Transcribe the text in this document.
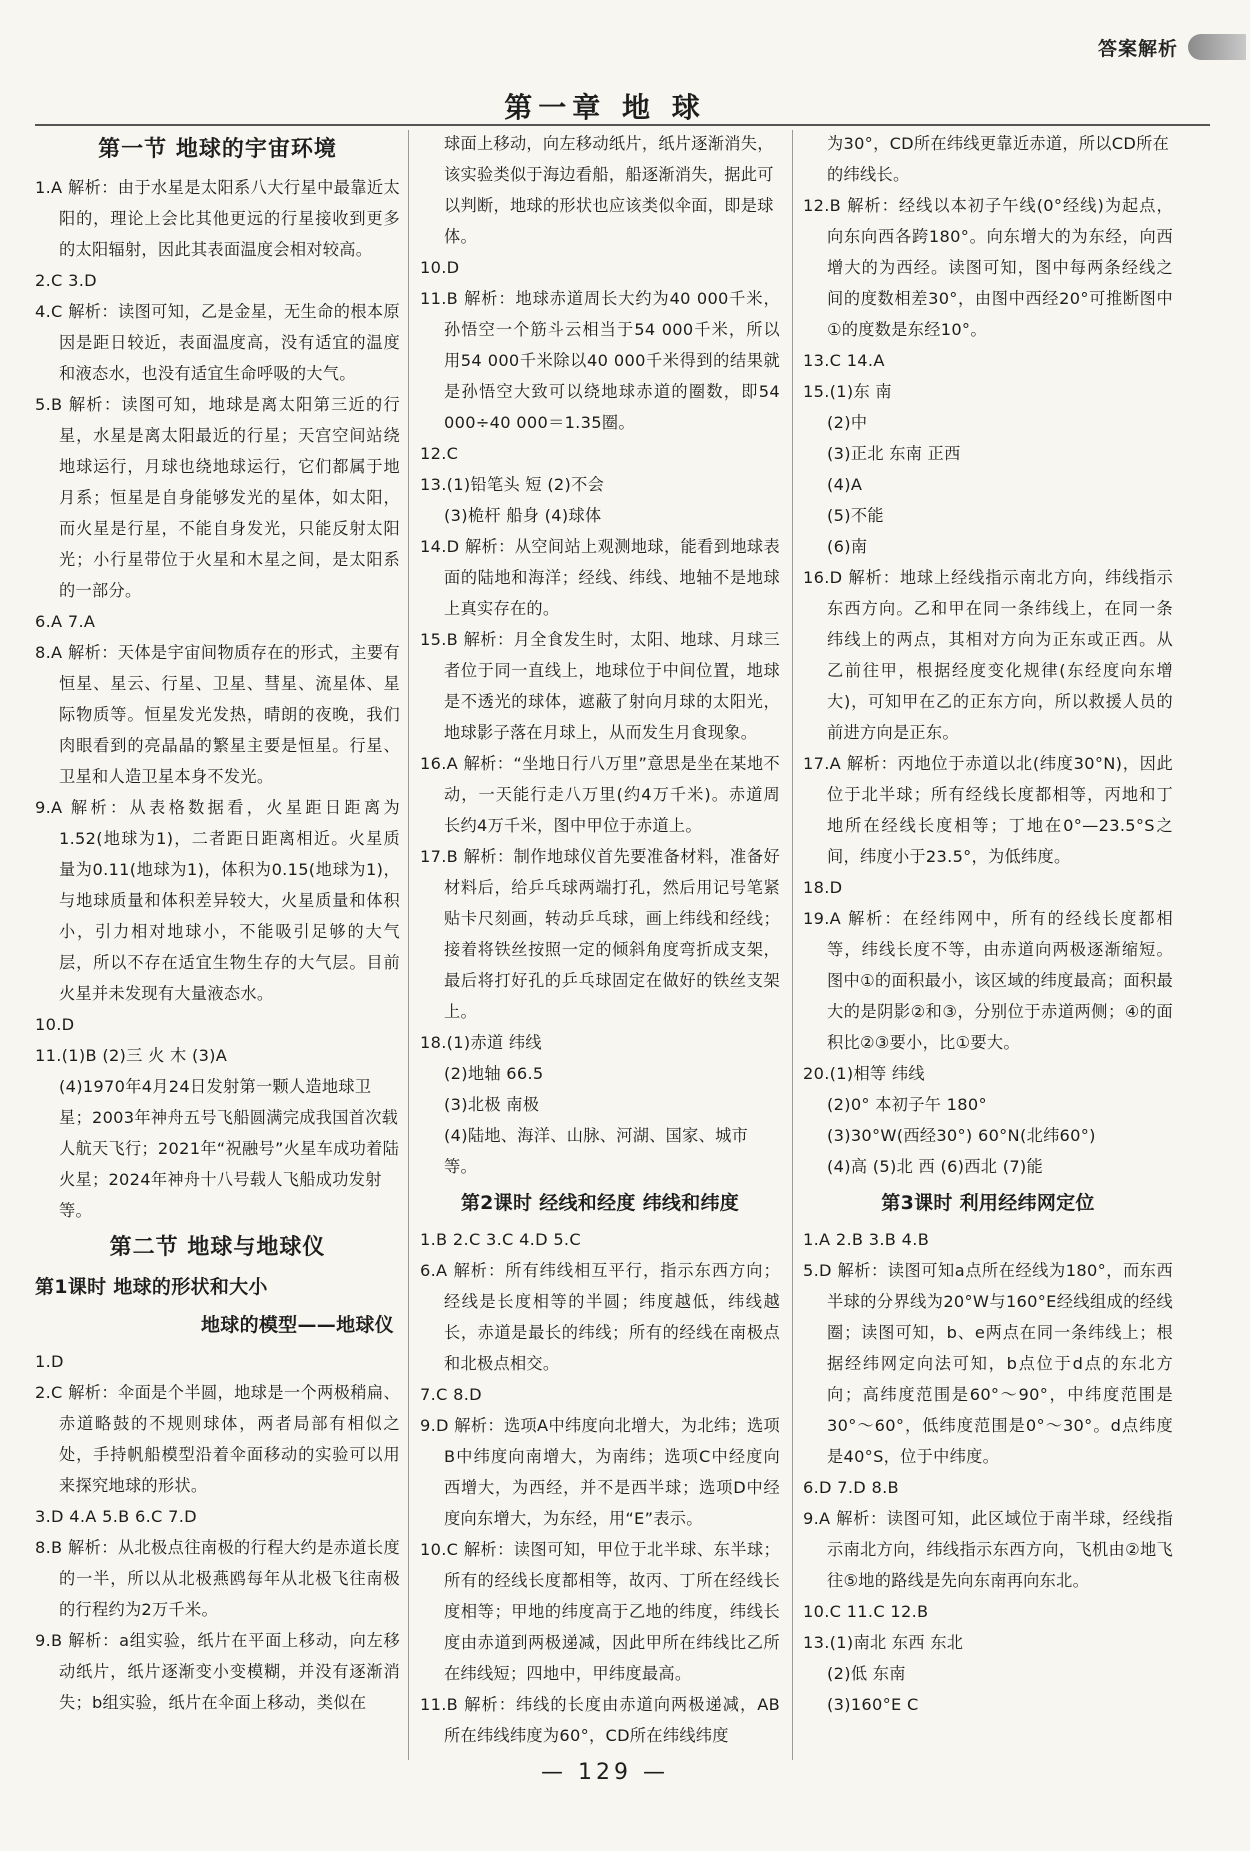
答案解析
第一章 地 球

第一节 地球的宇宙环境

1.A 解析：由于水星是太阳系八大行星中最靠近太阳的，理论上会比其他更远的行星接收到更多的太阳辐射，因此其表面温度会相对较高。

2.C 3.D

4.C 解析：读图可知，乙是金星，无生命的根本原因是距日较近，表面温度高，没有适宜的温度和液态水，也没有适宜生命呼吸的大气。

5.B 解析：读图可知，地球是离太阳第三近的行星，水星是离太阳最近的行星；天宫空间站绕地球运行，月球也绕地球运行，它们都属于地月系；恒星是自身能够发光的星体，如太阳，而火星是行星，不能自身发光，只能反射太阳光；小行星带位于火星和木星之间，是太阳系的一部分。

6.A 7.A

8.A 解析：天体是宇宙间物质存在的形式，主要有恒星、星云、行星、卫星、彗星、流星体、星际物质等。恒星发光发热，晴朗的夜晚，我们肉眼看到的亮晶晶的繁星主要是恒星。行星、卫星和人造卫星本身不发光。

9.A 解析：从表格数据看，火星距日距离为1.52(地球为1)，二者距日距离相近。火星质量为0.11(地球为1)，体积为0.15(地球为1)，与地球质量和体积差异较大，火星质量和体积小，引力相对地球小，不能吸引足够的大气层，所以不存在适宜生物生存的大气层。目前火星并未发现有大量液态水。

10.D

11.(1)B (2)三 火 木 (3)A

(4)1970年4月24日发射第一颗人造地球卫星；2003年神舟五号飞船圆满完成我国首次载人航天飞行；2021年“祝融号”火星车成功着陆火星；2024年神舟十八号载人飞船成功发射等。

第二节 地球与地球仪

第1课时 地球的形状和大小

地球的模型——地球仪

1.D

2.C 解析：伞面是个半圆，地球是一个两极稍扁、赤道略鼓的不规则球体，两者局部有相似之处，手持帆船模型沿着伞面移动的实验可以用来探究地球的形状。

3.D 4.A 5.B 6.C 7.D

8.B 解析：从北极点往南极的行程大约是赤道长度的一半，所以从北极燕鸥每年从北极飞往南极的行程约为2万千米。

9.B 解析：a组实验，纸片在平面上移动，向左移动纸片，纸片逐渐变小变模糊，并没有逐渐消失；b组实验，纸片在伞面上移动，类似在

球面上移动，向左移动纸片，纸片逐渐消失，该实验类似于海边看船，船逐渐消失，据此可以判断，地球的形状也应该类似伞面，即是球体。

10.D

11.B 解析：地球赤道周长大约为40 000千米，孙悟空一个筋斗云相当于54 000千米，所以用54 000千米除以40 000千米得到的结果就是孙悟空大致可以绕地球赤道的圈数，即54 000÷40 000＝1.35圈。

12.C

13.(1)铅笔头 短 (2)不会

(3)桅杆 船身 (4)球体

14.D 解析：从空间站上观测地球，能看到地球表面的陆地和海洋；经线、纬线、地轴不是地球上真实存在的。

15.B 解析：月全食发生时，太阳、地球、月球三者位于同一直线上，地球位于中间位置，地球是不透光的球体，遮蔽了射向月球的太阳光，地球影子落在月球上，从而发生月食现象。

16.A 解析：“坐地日行八万里”意思是坐在某地不动，一天能行走八万里(约4万千米)。赤道周长约4万千米，图中甲位于赤道上。

17.B 解析：制作地球仪首先要准备材料，准备好材料后，给乒乓球两端打孔，然后用记号笔紧贴卡尺刻画，转动乒乓球，画上纬线和经线；接着将铁丝按照一定的倾斜角度弯折成支架，最后将打好孔的乒乓球固定在做好的铁丝支架上。

18.(1)赤道 纬线

(2)地轴 66.5

(3)北极 南极

(4)陆地、海洋、山脉、河湖、国家、城市等。

第2课时 经线和经度 纬线和纬度

1.B 2.C 3.C 4.D 5.C

6.A 解析：所有纬线相互平行，指示东西方向；经线是长度相等的半圆；纬度越低，纬线越长，赤道是最长的纬线；所有的经线在南极点和北极点相交。

7.C 8.D

9.D 解析：选项A中纬度向北增大，为北纬；选项B中纬度向南增大，为南纬；选项C中经度向西增大，为西经，并不是西半球；选项D中经度向东增大，为东经，用“E”表示。

10.C 解析：读图可知，甲位于北半球、东半球；所有的经线长度都相等，故丙、丁所在经线长度相等；甲地的纬度高于乙地的纬度，纬线长度由赤道到两极递减，因此甲所在纬线比乙所在纬线短；四地中，甲纬度最高。

11.B 解析：纬线的长度由赤道向两极递减，AB所在纬线纬度为60°，CD所在纬线纬度

为30°，CD所在纬线更靠近赤道，所以CD所在的纬线长。

12.B 解析：经线以本初子午线(0°经线)为起点，向东向西各跨180°。向东增大的为东经，向西增大的为西经。读图可知，图中每两条经线之间的度数相差30°，由图中西经20°可推断图中①的度数是东经10°。

13.C 14.A

15.(1)东 南

(2)中

(3)正北 东南 正西

(4)A

(5)不能

(6)南

16.D 解析：地球上经线指示南北方向，纬线指示东西方向。乙和甲在同一条纬线上，在同一条纬线上的两点，其相对方向为正东或正西。从乙前往甲，根据经度变化规律(东经度向东增大)，可知甲在乙的正东方向，所以救援人员的前进方向是正东。

17.A 解析：丙地位于赤道以北(纬度30°N)，因此位于北半球；所有经线长度都相等，丙地和丁地所在经线长度相等；丁地在0°—23.5°S之间，纬度小于23.5°，为低纬度。

18.D

19.A 解析：在经纬网中，所有的经线长度都相等，纬线长度不等，由赤道向两极逐渐缩短。图中①的面积最小，该区域的纬度最高；面积最大的是阴影②和③，分别位于赤道两侧；④的面积比②③要小，比①要大。

20.(1)相等 纬线

(2)0° 本初子午 180°

(3)30°W(西经30°) 60°N(北纬60°)

(4)高 (5)北 西 (6)西北 (7)能

第3课时 利用经纬网定位

1.A 2.B 3.B 4.B

5.D 解析：读图可知a点所在经线为180°，而东西半球的分界线为20°W与160°E经线组成的经线圈；读图可知，b、e两点在同一条纬线上；根据经纬网定向法可知，b点位于d点的东北方向；高纬度范围是60°～90°，中纬度范围是30°～60°，低纬度范围是0°～30°。d点纬度是40°S，位于中纬度。

6.D 7.D 8.B

9.A 解析：读图可知，此区域位于南半球，经线指示南北方向，纬线指示东西方向，飞机由②地飞往⑤地的路线是先向东南再向东北。

10.C 11.C 12.B

13.(1)南北 东西 东北

(2)低 东南

(3)160°E C

— 129 —
